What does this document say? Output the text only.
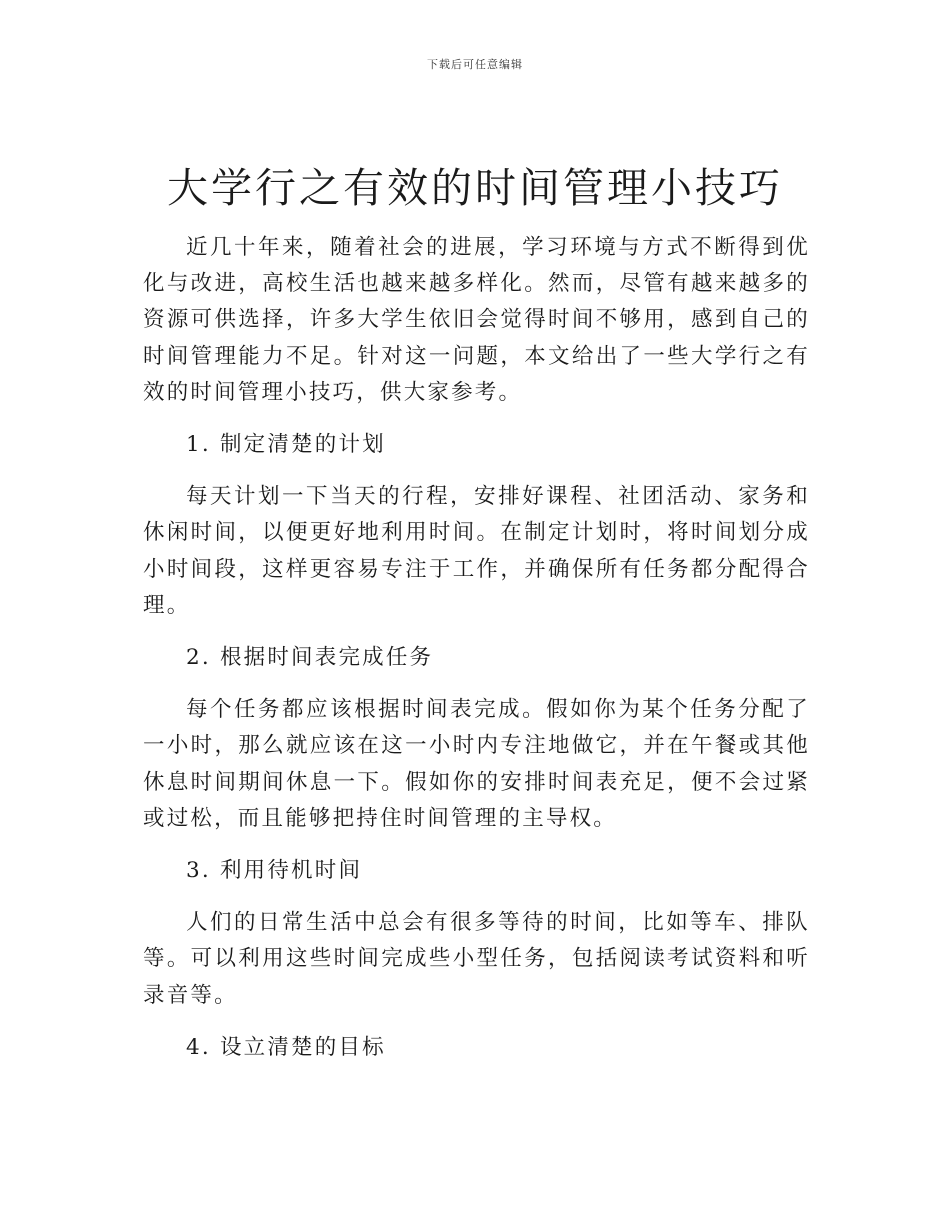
下载后可任意编辑
大学行之有效的时间管理小技巧

近几十年来，随着社会的进展，学习环境与方式不断得到优化与改进，高校生活也越来越多样化。然而，尽管有越来越多的资源可供选择，许多大学生依旧会觉得时间不够用，感到自己的时间管理能力不足。针对这一问题，本文给出了一些大学行之有效的时间管理小技巧，供大家参考。

1. 制定清楚的计划

每天计划一下当天的行程，安排好课程、社团活动、家务和休闲时间，以便更好地利用时间。在制定计划时，将时间划分成小时间段，这样更容易专注于工作，并确保所有任务都分配得合理。

2. 根据时间表完成任务

每个任务都应该根据时间表完成。假如你为某个任务分配了一小时，那么就应该在这一小时内专注地做它，并在午餐或其他休息时间期间休息一下。假如你的安排时间表充足，便不会过紧或过松，而且能够把持住时间管理的主导权。

3. 利用待机时间

人们的日常生活中总会有很多等待的时间，比如等车、排队等。可以利用这些时间完成些小型任务，包括阅读考试资料和听录音等。

4. 设立清楚的目标
